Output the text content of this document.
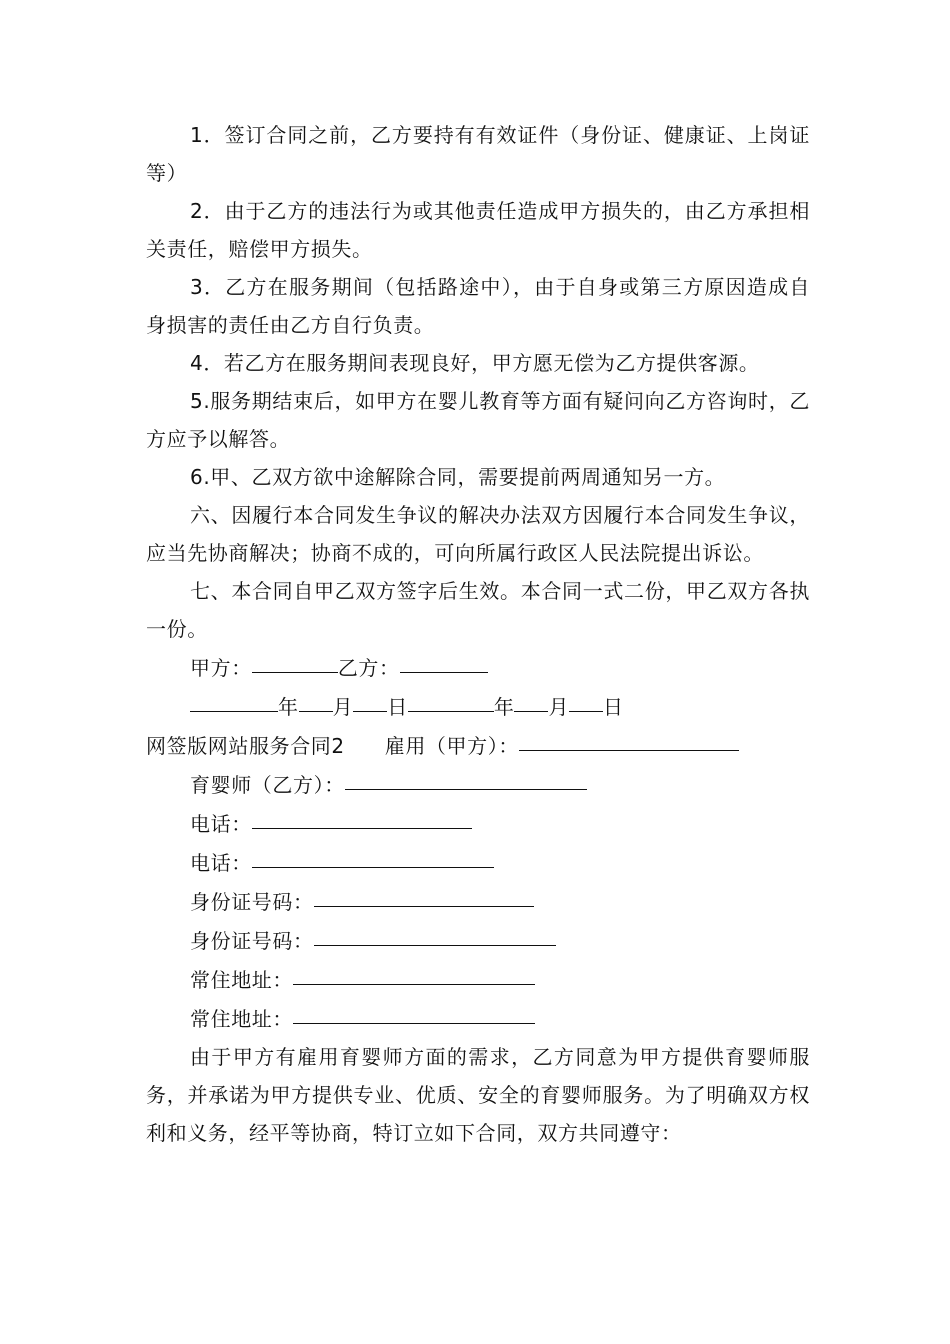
1．签订合同之前，乙方要持有有效证件（身份证、健康证、上岗证等）

2．由于乙方的违法行为或其他责任造成甲方损失的，由乙方承担相关责任，赔偿甲方损失。

3．乙方在服务期间（包括路途中），由于自身或第三方原因造成自身损害的责任由乙方自行负责。

4．若乙方在服务期间表现良好，甲方愿无偿为乙方提供客源。

5.服务期结束后，如甲方在婴儿教育等方面有疑问向乙方咨询时，乙方应予以解答。

6.甲、乙双方欲中途解除合同，需要提前两周通知另一方。

六、因履行本合同发生争议的解决办法双方因履行本合同发生争议，应当先协商解决；协商不成的，可向所属行政区人民法院提出诉讼。

七、本合同自甲乙双方签字后生效。本合同一式二份，甲乙双方各执一份。

甲方：	乙方：

年 月 日	年 月 日

网签版网站服务合同2 雇用（甲方）：

育婴师（乙方）：

电话：

电话：

身份证号码：

身份证号码：

常住地址：

常住地址：

由于甲方有雇用育婴师方面的需求，乙方同意为甲方提供育婴师服务，并承诺为甲方提供专业、优质、安全的育婴师服务。为了明确双方权利和义务，经平等协商，特订立如下合同，双方共同遵守：
